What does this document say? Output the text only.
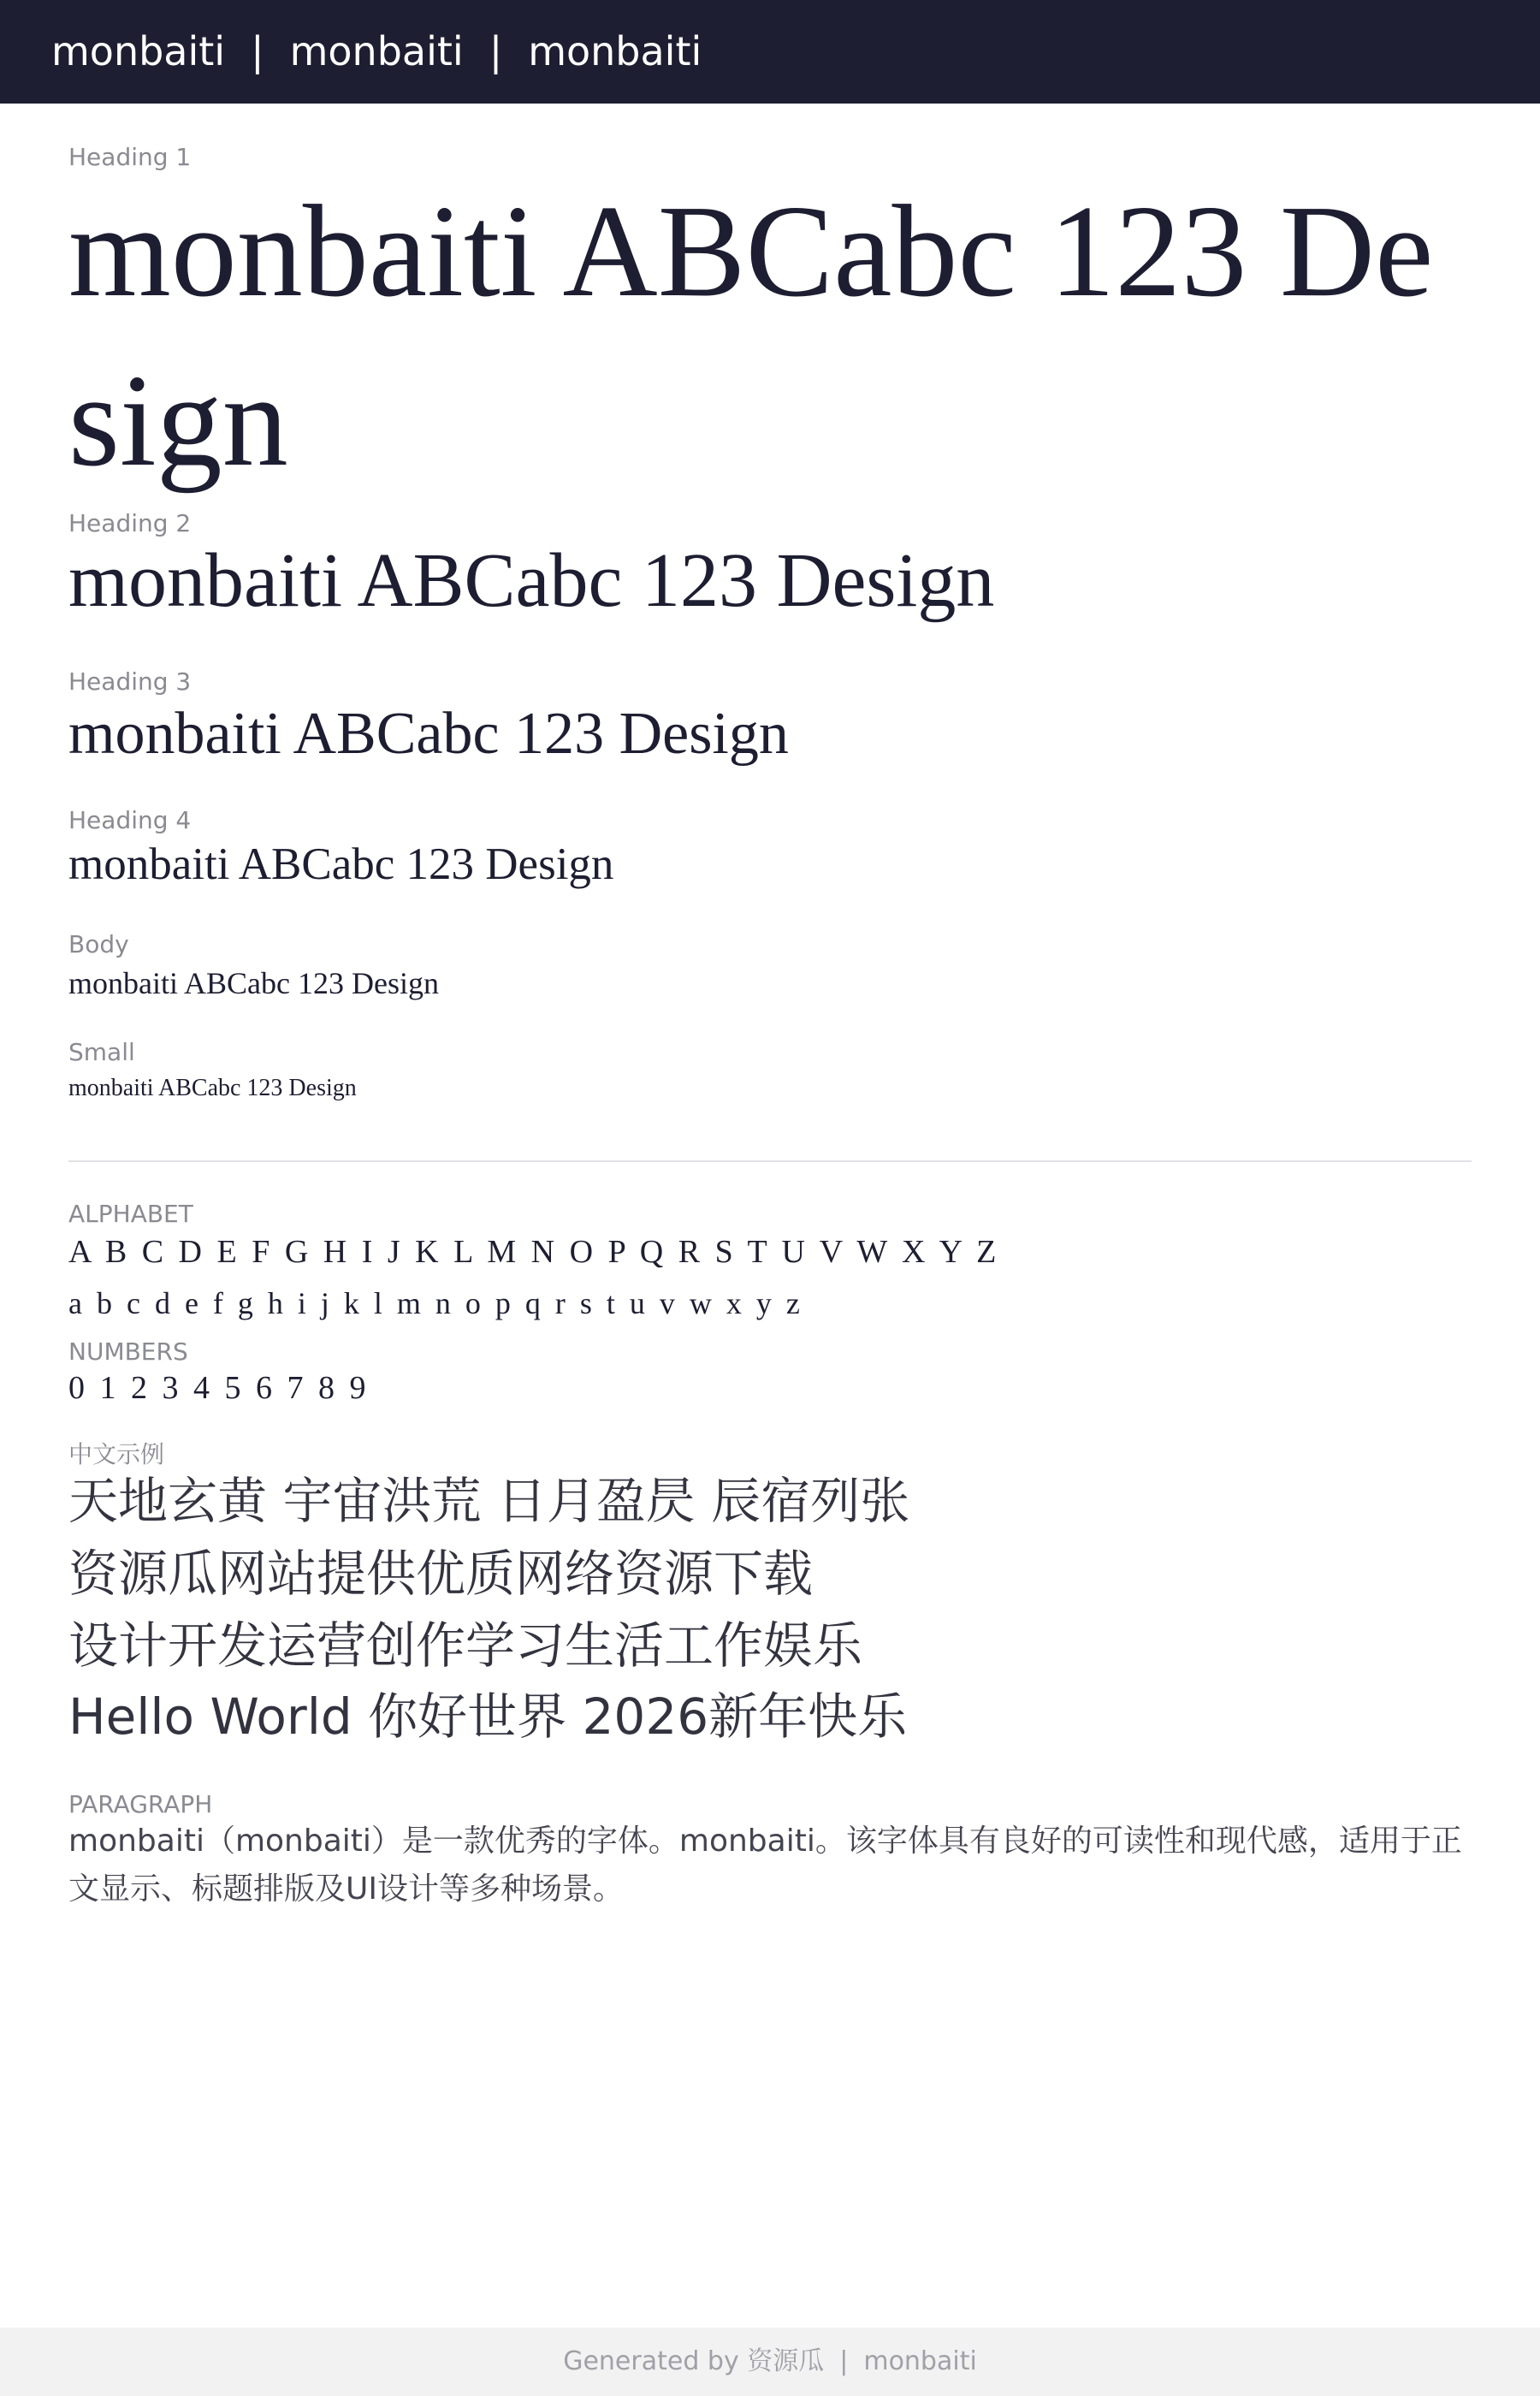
monbaiti | monbaiti | monbaiti
Heading 1
monbaiti ABCabc 123 Design
Heading 2
monbaiti ABCabc 123 Design
Heading 3
monbaiti ABCabc 123 Design
Heading 4
monbaiti ABCabc 123 Design
Body
monbaiti ABCabc 123 Design
Small
monbaiti ABCabc 123 Design
ALPHABET
A B C D E F G H I J K L M N O P Q R S T U V W X Y Z
a b c d e f g h i j k l m n o p q r s t u v w x y z
NUMBERS
0 1 2 3 4 5 6 7 8 9
中文示例
天地玄黄 宇宙洪荒 日月盈昃 辰宿列张
资源瓜网站提供优质网络资源下载
设计开发运营创作学习生活工作娱乐
Hello World 你好世界 2026新年快乐
PARAGRAPH
monbaiti（monbaiti）是一款优秀的字体。monbaiti。该字体具有良好的可读性和现代感，适用于正文显示、标题排版及UI设计等多种场景。
Generated by 资源瓜 | monbaiti
